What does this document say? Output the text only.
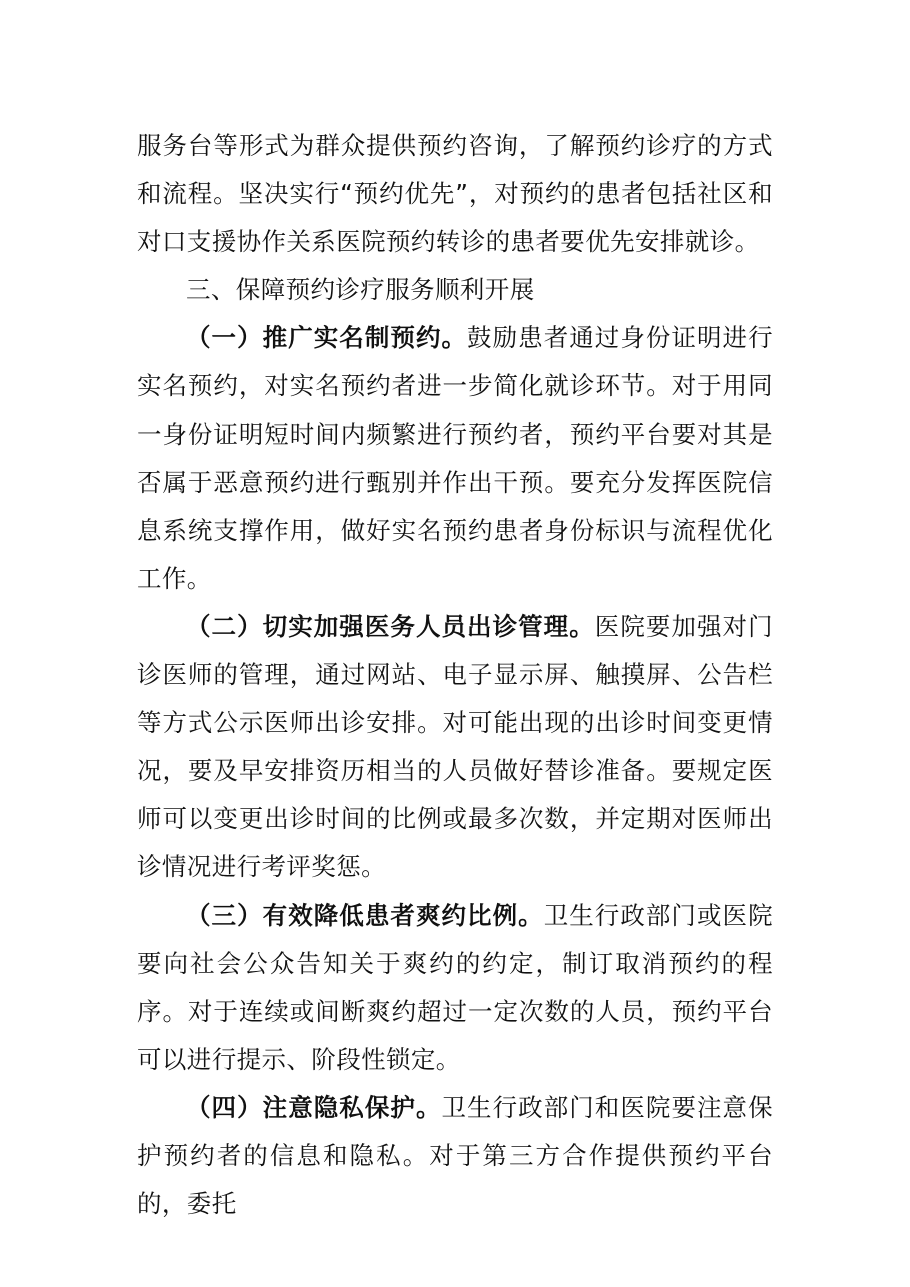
服务台等形式为群众提供预约咨询，了解预约诊疗的方式和流程。坚决实行“预约优先”，对预约的患者包括社区和对口支援协作关系医院预约转诊的患者要优先安排就诊。

三、保障预约诊疗服务顺利开展

（一）推广实名制预约。鼓励患者通过身份证明进行实名预约，对实名预约者进一步简化就诊环节。对于用同一身份证明短时间内频繁进行预约者，预约平台要对其是否属于恶意预约进行甄别并作出干预。要充分发挥医院信息系统支撑作用，做好实名预约患者身份标识与流程优化工作。

（二）切实加强医务人员出诊管理。医院要加强对门诊医师的管理，通过网站、电子显示屏、触摸屏、公告栏等方式公示医师出诊安排。对可能出现的出诊时间变更情况，要及早安排资历相当的人员做好替诊准备。要规定医师可以变更出诊时间的比例或最多次数，并定期对医师出诊情况进行考评奖惩。

（三）有效降低患者爽约比例。卫生行政部门或医院要向社会公众告知关于爽约的约定，制订取消预约的程序。对于连续或间断爽约超过一定次数的人员，预约平台可以进行提示、阶段性锁定。

（四）注意隐私保护。卫生行政部门和医院要注意保护预约者的信息和隐私。对于第三方合作提供预约平台的，委托
